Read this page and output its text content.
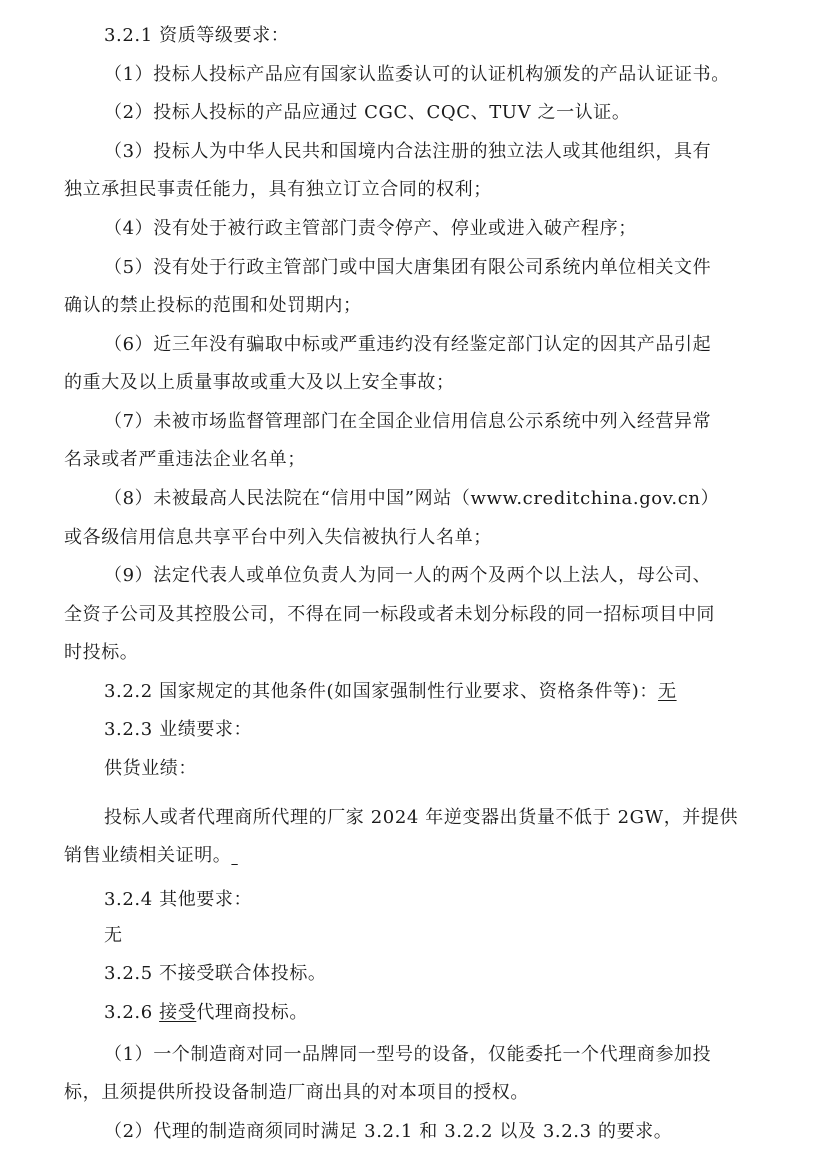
3.2.1 资质等级要求：

（1）投标人投标产品应有国家认监委认可的认证机构颁发的产品认证证书。

（2）投标人投标的产品应通过 CGC、CQC、TUV 之一认证。

（3）投标人为中华人民共和国境内合法注册的独立法人或其他组织，具有

独立承担民事责任能力，具有独立订立合同的权利；

（4）没有处于被行政主管部门责令停产、停业或进入破产程序；

（5）没有处于行政主管部门或中国大唐集团有限公司系统内单位相关文件

确认的禁止投标的范围和处罚期内；

（6）近三年没有骗取中标或严重违约没有经鉴定部门认定的因其产品引起

的重大及以上质量事故或重大及以上安全事故；

（7）未被市场监督管理部门在全国企业信用信息公示系统中列入经营异常

名录或者严重违法企业名单；

（8）未被最高人民法院在“信用中国”网站（www.creditchina.gov.cn）

或各级信用信息共享平台中列入失信被执行人名单；

（9）法定代表人或单位负责人为同一人的两个及两个以上法人，母公司、

全资子公司及其控股公司，不得在同一标段或者未划分标段的同一招标项目中同

时投标。

3.2.2 国家规定的其他条件(如国家强制性行业要求、资格条件等)：无

3.2.3 业绩要求：

供货业绩：

投标人或者代理商所代理的厂家 2024 年逆变器出货量不低于 2GW，并提供

销售业绩相关证明。

3.2.4 其他要求：

无

3.2.5 不接受联合体投标。

3.2.6 接受代理商投标。

（1）一个制造商对同一品牌同一型号的设备，仅能委托一个代理商参加投

标，且须提供所投设备制造厂商出具的对本项目的授权。

（2）代理的制造商须同时满足 3.2.1 和 3.2.2 以及 3.2.3 的要求。
